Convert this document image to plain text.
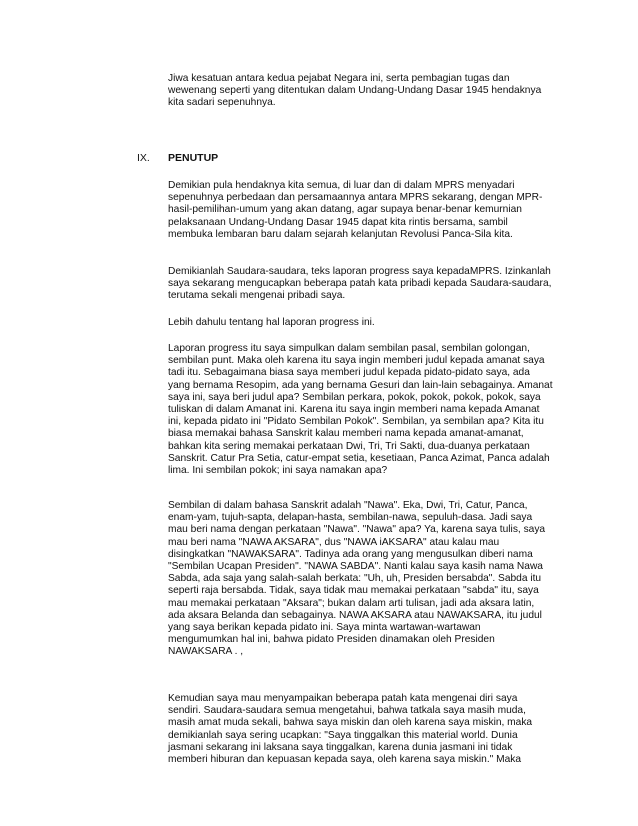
Jiwa kesatuan antara kedua pejabat Negara ini, serta pembagian tugas dan wewenang seperti yang ditentukan dalam Undang-Undang Dasar 1945 hendaknya kita sadari sepenuhnya.

IX. PENUTUP

Demikian pula hendaknya kita semua, di luar dan di dalam MPRS menyadari sepenuhnya perbedaan dan persamaannya antara MPRS sekarang, dengan MPR-hasil-pemilihan-umum yang akan datang, agar supaya benar-benar kemurnian pelaksanaan Undang-Undang Dasar 1945 dapat kita rintis bersama, sambil membuka lembaran baru dalam sejarah kelanjutan Revolusi Panca-Sila kita.

Demikianlah Saudara-saudara, teks laporan progress saya kepadaMPRS. Izinkanlah saya sekarang mengucapkan beberapa patah kata pribadi kepada Saudara-saudara, terutama sekali mengenai pribadi saya.

Lebih dahulu tentang hal laporan progress ini.

Laporan progress itu saya simpulkan dalam sembilan pasal, sembilan golongan, sembilan punt. Maka oleh karena itu saya ingin memberi judul kepada amanat saya tadi itu. Sebagaimana biasa saya memberi judul kepada pidato-pidato saya, ada yang bernama Resopim, ada yang bernama Gesuri dan lain-lain sebagainya. Amanat saya ini, saya beri judul apa? Sembilan perkara, pokok, pokok, pokok, pokok, saya tuliskan di dalam Amanat ini. Karena itu saya ingin memberi nama kepada Amanat ini, kepada pidato ini "Pidato Sembilan Pokok". Sembilan, ya sembilan apa? Kita itu biasa memakai bahasa Sanskrit kalau memberi nama kepada amanat-amanat, bahkan kita sering memakai perkataan Dwi, Tri, Tri Sakti, dua-duanya perkataan Sanskrit. Catur Pra Setia, catur-empat setia, kesetiaan, Panca Azimat, Panca adalah lima. Ini sembilan pokok; ini saya namakan apa?

Sembilan di dalam bahasa Sanskrit adalah "Nawa". Eka, Dwi, Tri, Catur, Panca, enam-yam, tujuh-sapta, delapan-hasta, sembilan-nawa, sepuluh-dasa. Jadi saya mau beri nama dengan perkataan "Nawa". "Nawa" apa? Ya, karena saya tulis, saya mau beri nama "NAWA AKSARA", dus "NAWA iAKSARA" atau kalau mau disingkatkan "NAWAKSARA". Tadinya ada orang yang mengusulkan diberi nama "Sembilan Ucapan Presiden". "NAWA SABDA". Nanti kalau saya kasih nama Nawa Sabda, ada saja yang salah-salah berkata: "Uh, uh, Presiden bersabda". Sabda itu seperti raja bersabda. Tidak, saya tidak mau memakai perkataan "sabda" itu, saya mau memakai perkataan "Aksara"; bukan dalam arti tulisan, jadi ada aksara latin, ada aksara Belanda dan sebagainya. NAWA AKSARA atau NAWAKSARA, itu judul yang saya berikan kepada pidato ini. Saya minta wartawan-wartawan mengumumkan hal ini, bahwa pidato Presiden dinamakan oleh Presiden NAWAKSARA . ,

Kemudian saya mau menyampaikan beberapa patah kata mengenai diri saya sendiri. Saudara-saudara semua mengetahui, bahwa tatkala saya masih muda, masih amat muda sekali, bahwa saya miskin dan oleh karena saya miskin, maka demikianlah saya sering ucapkan: "Saya tinggalkan this material world. Dunia jasmani sekarang ini laksana saya tinggalkan, karena dunia jasmani ini tidak memberi hiburan dan kepuasan kepada saya, oleh karena saya miskin." Maka
